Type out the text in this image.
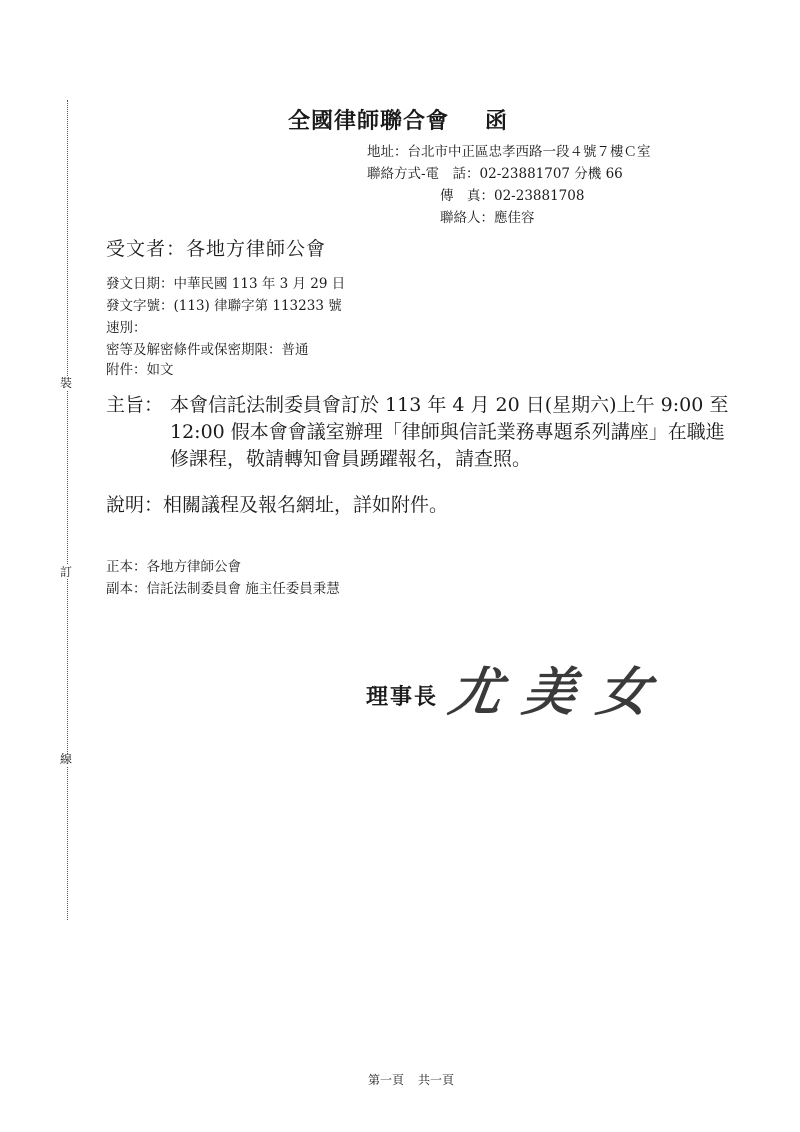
裝
訂
線
全國律師聯合會 函
地址：台北市中正區忠孝西路一段４號７樓Ｃ室
聯絡方式-電　話：02-23881707 分機 66
傳　真：02-23881708
聯絡人：應佳容
受文者：各地方律師公會
發文日期：中華民國 113 年 3 月 29 日
發文字號：(113) 律聯字第 113233 號
速別：
密等及解密條件或保密期限：普通
附件：如文
主旨： 本會信託法制委員會訂於 113 年 4 月 20 日(星期六)上午 9:00 至 12:00 假本會會議室辦理「律師與信託業務專題系列講座」在職進修課程，敬請轉知會員踴躍報名，請查照。
說明：相關議程及報名網址，詳如附件。
正本：各地方律師公會
副本：信託法制委員會 施主任委員秉慧
理事長 尤美女
第一頁 共一頁
